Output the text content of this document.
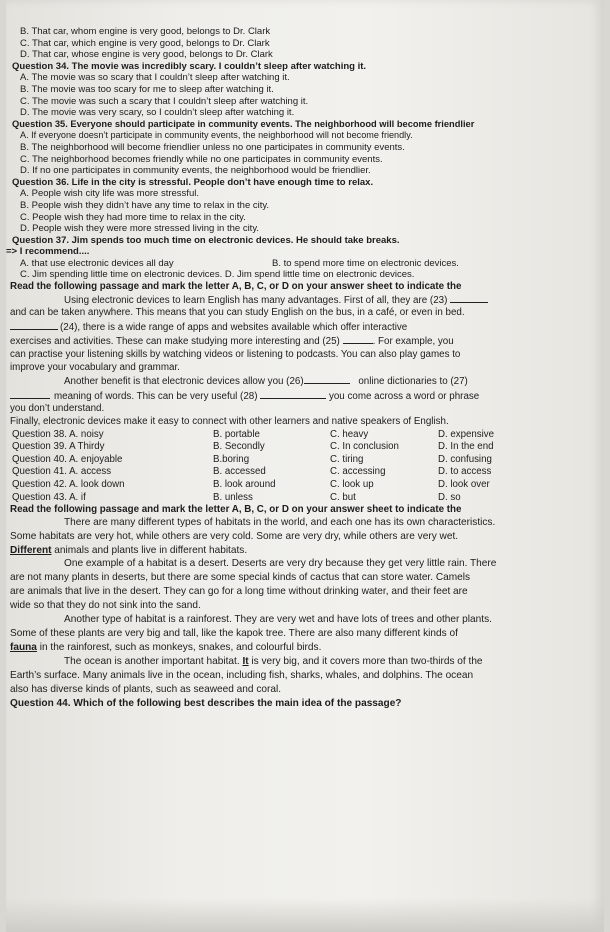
B. That car, whom engine is very good, belongs to Dr. Clark
C. That car, which engine is very good, belongs to Dr. Clark
D. That car, whose engine is very good, belongs to Dr. Clark
Question 34. The movie was incredibly scary. I couldn’t sleep after watching it.
A. The movie was so scary that I couldn’t sleep after watching it.
B. The movie was too scary for me to sleep after watching it.
C. The movie was such a scary that I couldn’t sleep after watching it.
D. The movie was very scary, so I couldn’t sleep after watching it.
Question 35. Everyone should participate in community events. The neighborhood will become friendlier
A. If everyone doesn’t participate in community events, the neighborhood will not become friendly.
B. The neighborhood will become friendlier unless no one participates in community events.
C. The neighborhood becomes friendly while no one participates in community events.
D. If no one participates in community events, the neighborhood would be friendlier.
Question 36. Life in the city is stressful. People don’t have enough time to relax.
A. People wish city life was more stressful.
B. People wish they didn’t have any time to relax in the city.
C. People wish they had more time to relax in the city.
D. People wish they were more stressed living in the city.
Question 37. Jim spends too much time on electronic devices. He should take breaks.
=> I recommend....
A. that use electronic devices all day	B. to spend more time on electronic devices.
C. Jim spending little time on electronic devices. D. Jim spend little time on electronic devices.
Read the following passage and mark the letter A, B, C, or D on your answer sheet to indicate the
Using electronic devices to learn English has many advantages. First of all, they are (23)
and can be taken anywhere. This means that you can study English on the bus, in a café, or even in bed.
(24), there is a wide range of apps and websites available which offer interactive
exercises and activities. These can make studying more interesting and (25)	. For example, you
can practise your listening skills by watching videos or listening to podcasts. You can also play games to
improve your vocabulary and grammar.
Another benefit is that electronic devices allow you (26)	online dictionaries to (27)
meaning of words. This can be very useful (28)	you come across a word or phrase
you don’t understand.
Finally, electronic devices make it easy to connect with other learners and native speakers of English.
Question 38. A. noisy	B. portable	C. heavy	D. expensive
Question 39. A Thirdy	B. Secondly	C. In conclusion	D. In the end
Question 40. A. enjoyable	B.boring	C. tiring	D. confusing
Question 41. A. access	B. accessed	C. accessing	D. to access
Question 42. A. look down	B. look around	C. look up	D. look over
Question 43. A. if	B. unless	C. but	D. so
Read the following passage and mark the letter A, B, C, or D on your answer sheet to indicate the
There are many different types of habitats in the world, and each one has its own characteristics.
Some habitats are very hot, while others are very cold. Some are very dry, while others are very wet.
Different animals and plants live in different habitats.
One example of a habitat is a desert. Deserts are very dry because they get very little rain. There
are not many plants in deserts, but there are some special kinds of cactus that can store water. Camels
are animals that live in the desert. They can go for a long time without drinking water, and their feet are
wide so that they do not sink into the sand.
Another type of habitat is a rainforest. They are very wet and have lots of trees and other plants.
Some of these plants are very big and tall, like the kapok tree. There are also many different kinds of
fauna in the rainforest, such as monkeys, snakes, and colourful birds.
The ocean is another important habitat. It is very big, and it covers more than two-thirds of the
Earth’s surface. Many animals live in the ocean, including fish, sharks, whales, and dolphins. The ocean
also has diverse kinds of plants, such as seaweed and coral.
Question 44. Which of the following best describes the main idea of the passage?
